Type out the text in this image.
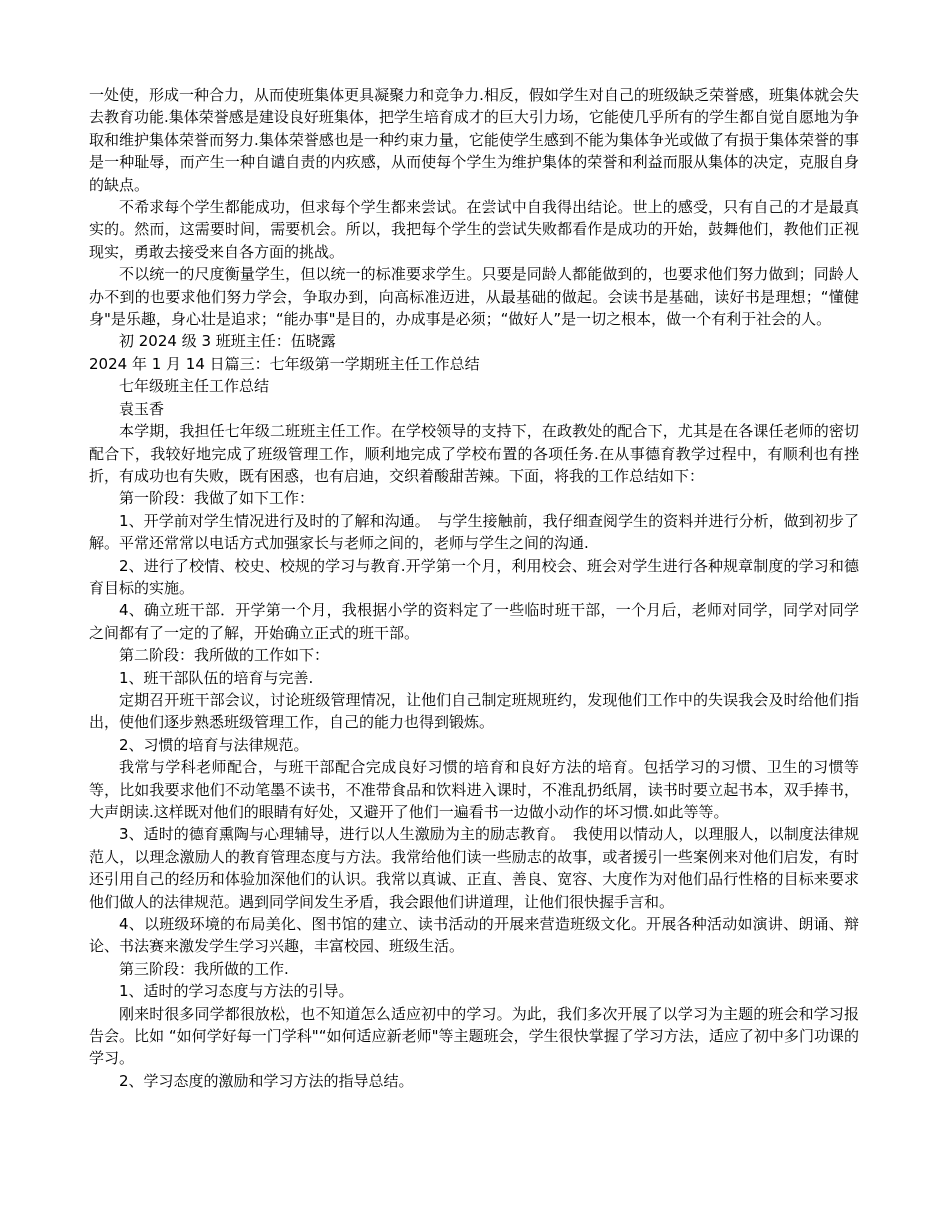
一处使，形成一种合力，从而使班集体更具凝聚力和竞争力.相反，假如学生对自己的班级缺乏荣誉感，班集体就会失去教育功能.集体荣誉感是建设良好班集体，把学生培育成才的巨大引力场，它能使几乎所有的学生都自觉自愿地为争取和维护集体荣誉而努力.集体荣誉感也是一种约束力量，它能使学生感到不能为集体争光或做了有损于集体荣誉的事是一种耻辱，而产生一种自谴自责的内疚感，从而使每个学生为维护集体的荣誉和利益而服从集体的决定，克服自身的缺点。

不希求每个学生都能成功，但求每个学生都来尝试。在尝试中自我得出结论。世上的感受，只有自己的才是最真实的。然而，这需要时间，需要机会。所以，我把每个学生的尝试失败都看作是成功的开始，鼓舞他们，教他们正视现实，勇敢去接受来自各方面的挑战。

不以统一的尺度衡量学生，但以统一的标准要求学生。只要是同龄人都能做到的，也要求他们努力做到；同龄人办不到的也要求他们努力学会，争取办到，向高标准迈进，从最基础的做起。会读书是基础，读好书是理想；“懂健身"是乐趣，身心壮是追求；“能办事"是目的，办成事是必须；“做好人”是一切之根本，做一个有利于社会的人。

初 2024 级 3 班班主任：伍晓露

2024 年 1 月 14 日篇三：七年级第一学期班主任工作总结

七年级班主任工作总结

袁玉香

本学期，我担任七年级二班班主任工作。在学校领导的支持下，在政教处的配合下，尤其是在各课任老师的密切配合下，我较好地完成了班级管理工作，顺利地完成了学校布置的各项任务.在从事德育教学过程中，有顺利也有挫折，有成功也有失败，既有困惑，也有启迪，交织着酸甜苦辣。下面，将我的工作总结如下：

第一阶段：我做了如下工作：

1、开学前对学生情况进行及时的了解和沟通。　与学生接触前，我仔细查阅学生的资料并进行分析，做到初步了解。平常还常常以电话方式加强家长与老师之间的，老师与学生之间的沟通.

2、进行了校情、校史、校规的学习与教育.开学第一个月，利用校会、班会对学生进行各种规章制度的学习和德育目标的实施。

4、确立班干部．开学第一个月，我根据小学的资料定了一些临时班干部，一个月后，老师对同学，同学对同学之间都有了一定的了解，开始确立正式的班干部。

第二阶段：我所做的工作如下：

1、班干部队伍的培育与完善.

定期召开班干部会议，讨论班级管理情况，让他们自己制定班规班约，发现他们工作中的失误我会及时给他们指出，使他们逐步熟悉班级管理工作，自己的能力也得到锻炼。

2、习惯的培育与法律规范。

我常与学科老师配合，与班干部配合完成良好习惯的培育和良好方法的培育。包括学习的习惯、卫生的习惯等等，比如我要求他们不动笔墨不读书，不准带食品和饮料进入课时，不准乱扔纸屑，读书时要立起书本，双手捧书，大声朗读.这样既对他们的眼睛有好处，又避开了他们一遍看书一边做小动作的坏习惯.如此等等。

3、适时的德育熏陶与心理辅导，进行以人生激励为主的励志教育。　我使用以情动人，以理服人，以制度法律规范人，以理念激励人的教育管理态度与方法。我常给他们读一些励志的故事，或者援引一些案例来对他们启发，有时还引用自己的经历和体验加深他们的认识。我常以真诚、正直、善良、宽容、大度作为对他们品行性格的目标来要求他们做人的法律规范。遇到同学间发生矛盾，我会跟他们讲道理，让他们很快握手言和。

4、以班级环境的布局美化、图书馆的建立、读书活动的开展来营造班级文化。开展各种活动如演讲、朗诵、辩论、书法赛来激发学生学习兴趣，丰富校园、班级生活。

第三阶段：我所做的工作.

1、适时的学习态度与方法的引导。

刚来时很多同学都很放松，也不知道怎么适应初中的学习。为此，我们多次开展了以学习为主题的班会和学习报告会。比如 “如何学好每一门学科"“如何适应新老师"等主题班会，学生很快掌握了学习方法，适应了初中多门功课的学习。

2、学习态度的激励和学习方法的指导总结。
